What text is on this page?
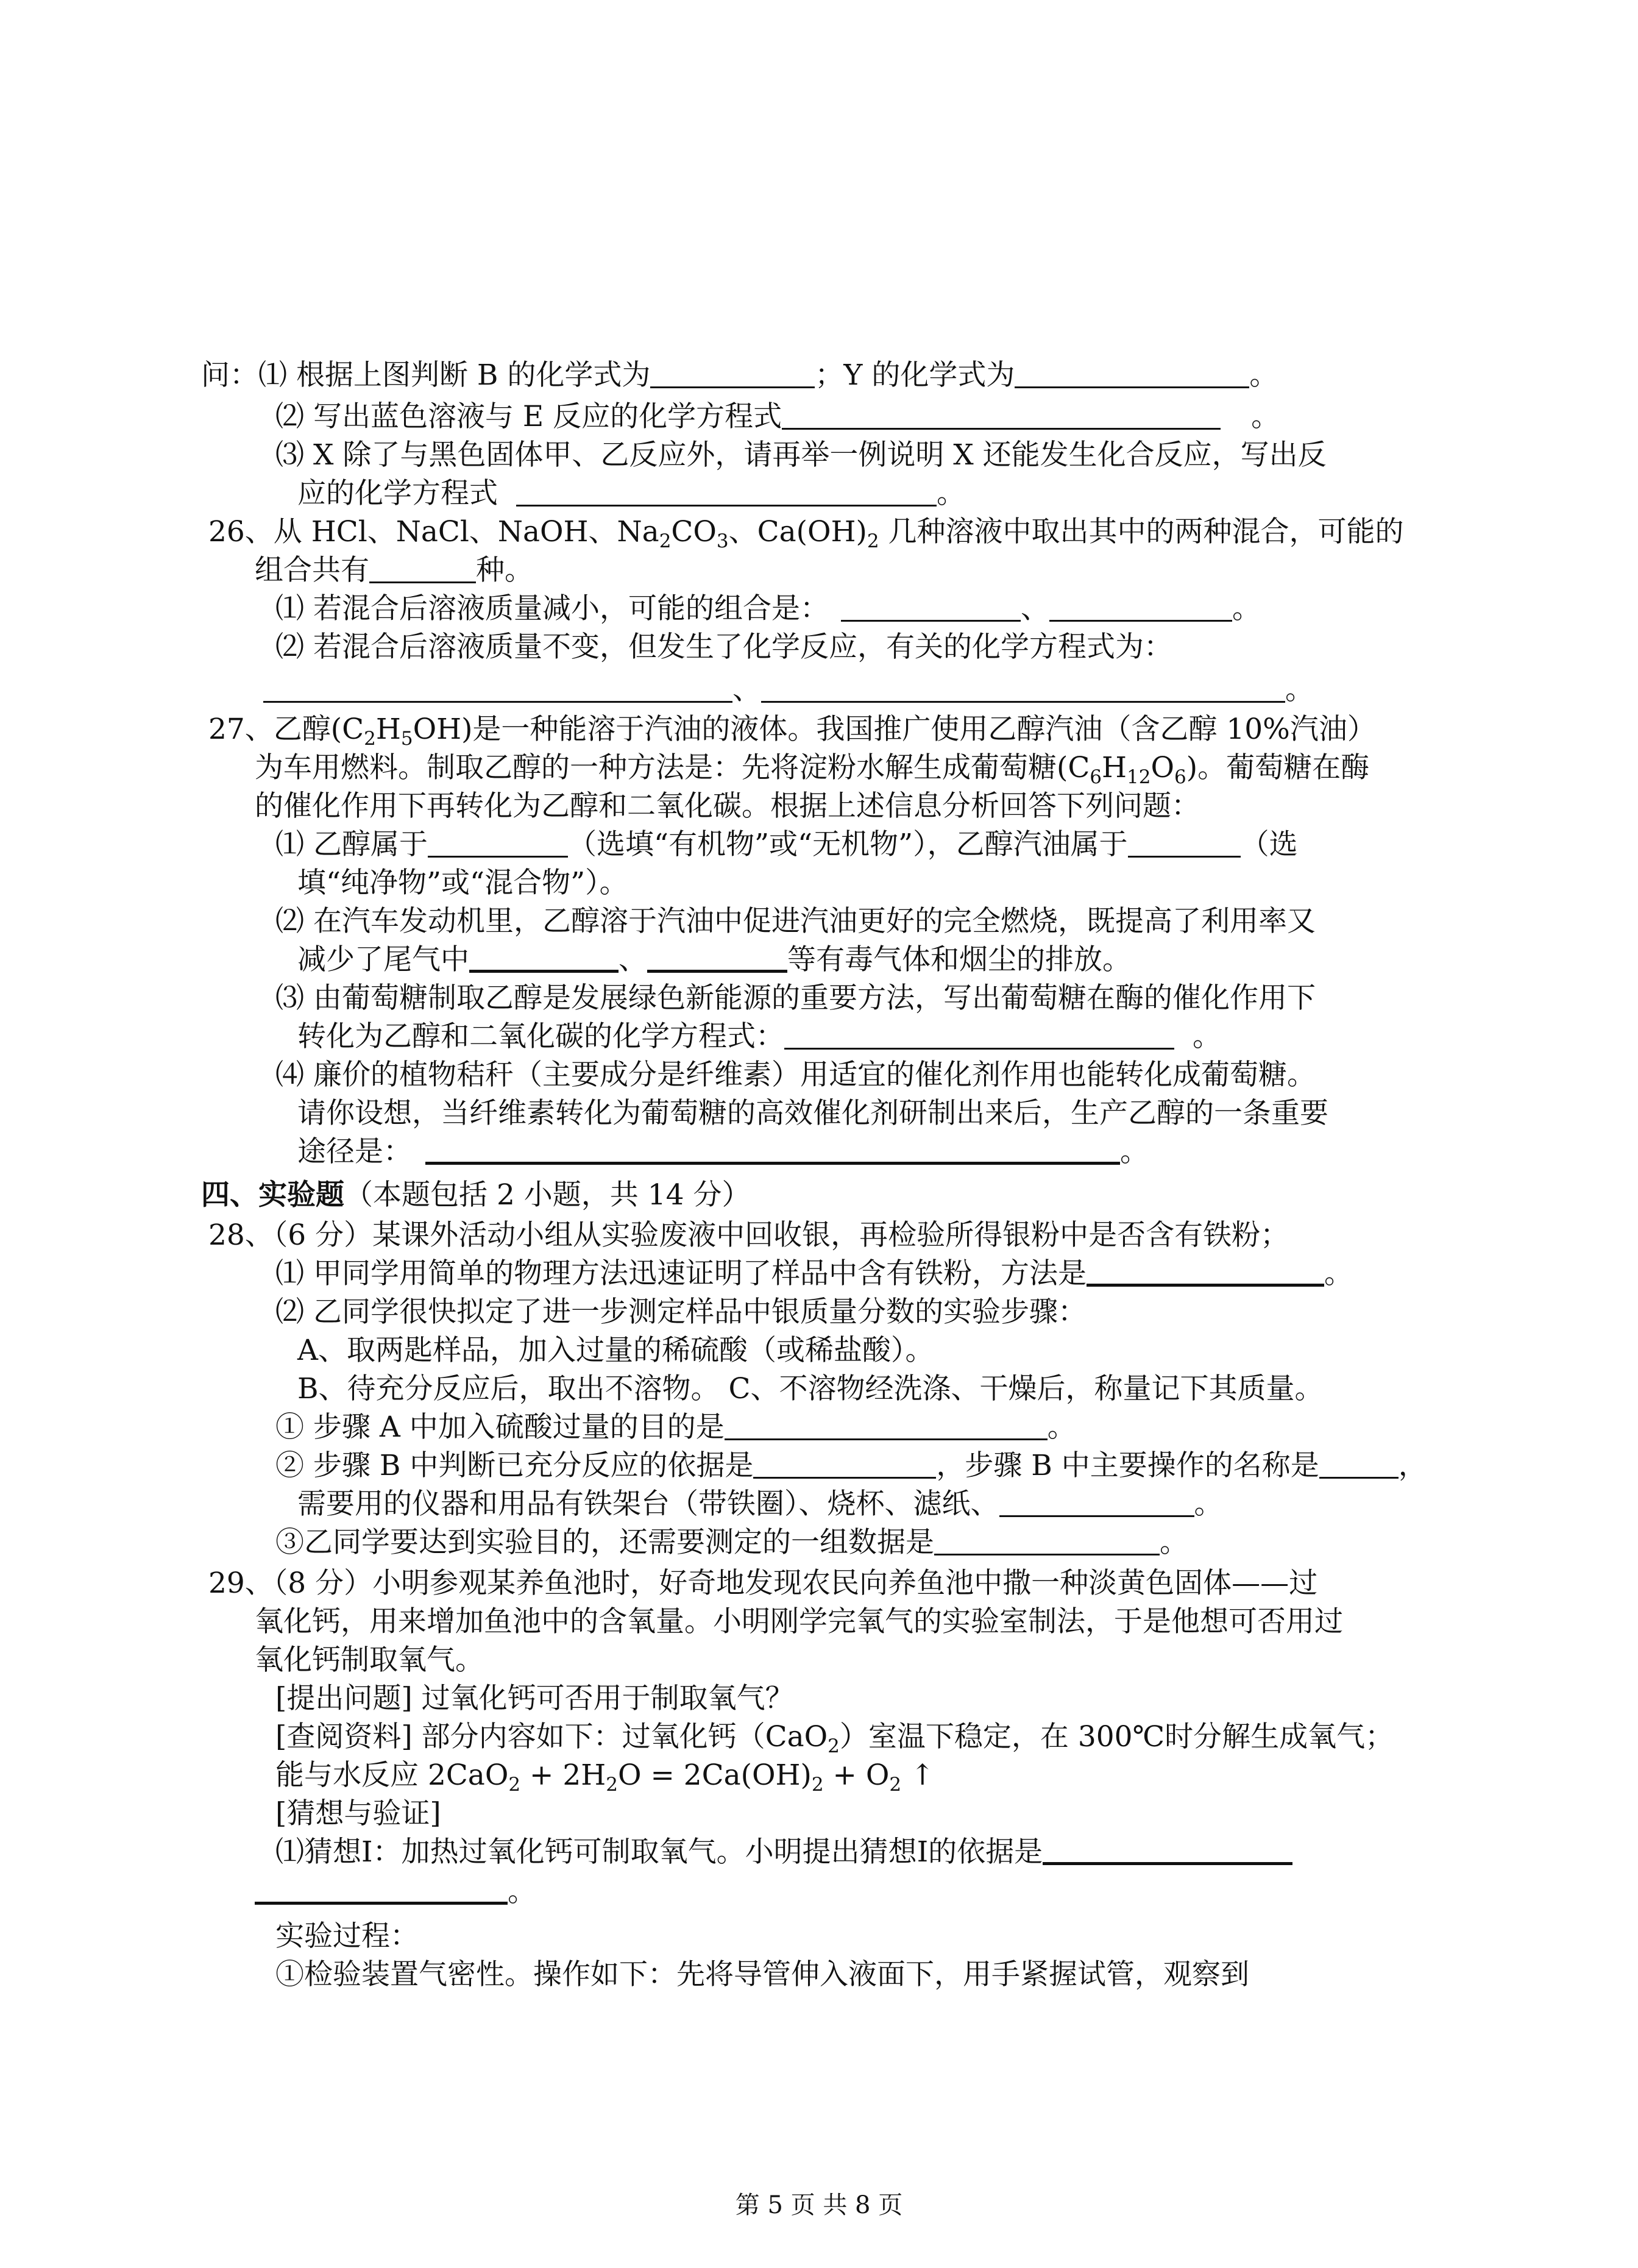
问：⑴ 根据上图判断 B 的化学式为	；Y 的化学式为	。
⑵ 写出蓝色溶液与 E 反应的化学方程式	。
⑶ X 除了与黑色固体甲、乙反应外，请再举一例说明 X 还能发生化合反应，写出反
应的化学方程式	。
26、从 HCl、NaCl、NaOH、$Na_2CO_3$、$Ca(OH)_2$ 几种溶液中取出其中的两种混合，可能的
组合共有	种。
⑴ 若混合后溶液质量减小，可能的组合是：	、	。
⑵ 若混合后溶液质量不变，但发生了化学反应，有关的化学方程式为：
、	。
27、乙醇$(C_2H_5OH)$是一种能溶于汽油的液体。我国推广使用乙醇汽油（含乙醇 10%汽油）
为车用燃料。制取乙醇的一种方法是：先将淀粉水解生成葡萄糖$(C_6H_{12}O_6)$。葡萄糖在酶
的催化作用下再转化为乙醇和二氧化碳。根据上述信息分析回答下列问题：
⑴ 乙醇属于	（选填“有机物”或“无机物”），乙醇汽油属于	（选
填“纯净物”或“混合物”）。
⑵ 在汽车发动机里，乙醇溶于汽油中促进汽油更好的完全燃烧，既提高了利用率又
减少了尾气中	、	等有毒气体和烟尘的排放。
⑶ 由葡萄糖制取乙醇是发展绿色新能源的重要方法，写出葡萄糖在酶的催化作用下
转化为乙醇和二氧化碳的化学方程式：	。
⑷ 廉价的植物秸秆（主要成分是纤维素）用适宜的催化剂作用也能转化成葡萄糖。
请你设想，当纤维素转化为葡萄糖的高效催化剂研制出来后，生产乙醇的一条重要
途径是：	。
四、实验题（本题包括 2 小题，共 14 分）
28、（6 分）某课外活动小组从实验废液中回收银，再检验所得银粉中是否含有铁粉；
⑴ 甲同学用简单的物理方法迅速证明了样品中含有铁粉，方法是	。
⑵ 乙同学很快拟定了进一步测定样品中银质量分数的实验步骤：
A、取两匙样品，加入过量的稀硫酸（或稀盐酸）。
B、待充分反应后，取出不溶物。 C、不溶物经洗涤、干燥后，称量记下其质量。
① 步骤 A 中加入硫酸过量的目的是	。
② 步骤 B 中判断已充分反应的依据是	，步骤 B 中主要操作的名称是	，
需要用的仪器和用品有铁架台（带铁圈）、烧杯、滤纸、	。
③乙同学要达到实验目的，还需要测定的一组数据是	。
29、（8 分）小明参观某养鱼池时，好奇地发现农民向养鱼池中撒一种淡黄色固体——过
氧化钙，用来增加鱼池中的含氧量。小明刚学完氧气的实验室制法，于是他想可否用过
氧化钙制取氧气。
[提出问题] 过氧化钙可否用于制取氧气？
[查阅资料] 部分内容如下：过氧化钙（CaO$_2$）室温下稳定，在 300℃时分解生成氧气；
能与水反应 $2CaO_2 + 2H_2O = 2Ca(OH)_2 + O_2$ ↑
[猜想与验证]
⑴猜想Ⅰ：加热过氧化钙可制取氧气。小明提出猜想Ⅰ的依据是
。
实验过程：
①检验装置气密性。操作如下：先将导管伸入液面下，用手紧握试管，观察到
第 5 页 共 8 页
